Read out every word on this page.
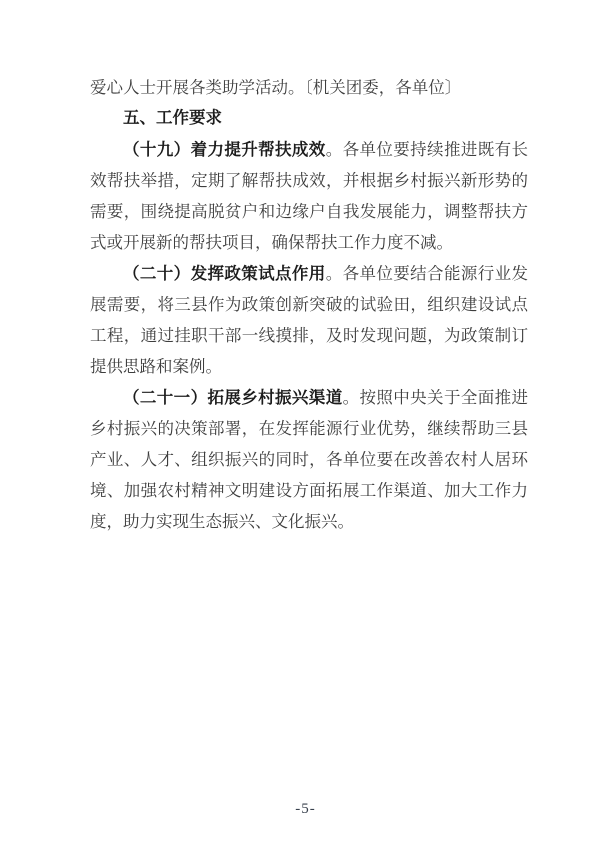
爱心人士开展各类助学活动。〔机关团委，各单位〕
五、工作要求
（十九）着力提升帮扶成效。各单位要持续推进既有长
效帮扶举措，定期了解帮扶成效，并根据乡村振兴新形势的
需要，围绕提高脱贫户和边缘户自我发展能力，调整帮扶方
式或开展新的帮扶项目，确保帮扶工作力度不减。
（二十）发挥政策试点作用。各单位要结合能源行业发
展需要，将三县作为政策创新突破的试验田，组织建设试点
工程，通过挂职干部一线摸排，及时发现问题，为政策制订
提供思路和案例。
（二十一）拓展乡村振兴渠道。按照中央关于全面推进
乡村振兴的决策部署，在发挥能源行业优势，继续帮助三县
产业、人才、组织振兴的同时，各单位要在改善农村人居环
境、加强农村精神文明建设方面拓展工作渠道、加大工作力
度，助力实现生态振兴、文化振兴。
-5-
